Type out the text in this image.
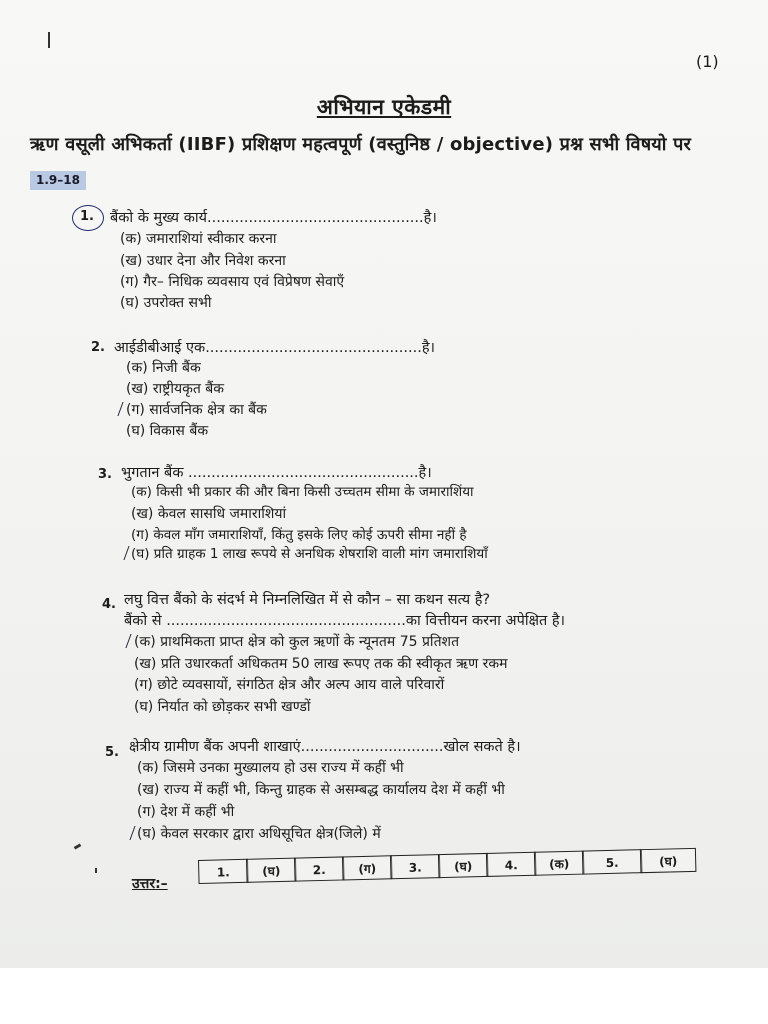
(1)
अभियान एकेडमी
ऋण वसूली अभिकर्ता (IIBF) प्रशिक्षण महत्वपूर्ण (वस्तुनिष्ठ / objective) प्रश्न सभी विषयो पर
1.9–18
1. बैंको के मुख्य कार्य...............................................है।
(क) जमाराशियां स्वीकार करना
(ख) उधार देना और निवेश करना
(ग) गैर– निधिक व्यवसाय एवं विप्रेषण सेवाएँ
(घ) उपरोक्त सभी
2. आईडीबीआई एक...............................................है।
(क) निजी बैंक
(ख) राष्ट्रीयकृत बैंक
(ग) सार्वजनिक क्षेत्र का बैंक
(घ) विकास बैंक
3. भुगतान बैंक ..................................................है।
(क) किसी भी प्रकार की और बिना किसी उच्चतम सीमा के जमाराशिंया
(ख) केवल सासधि जमाराशियां
(ग) केवल माँग जमाराशियाँ, किंतु इसके लिए कोई ऊपरी सीमा नहीं है
(घ) प्रति ग्राहक 1 लाख रूपये से अनधिक शेषराशि वाली मांग जमाराशियाँ
4. लघु वित्त बैंको के संदर्भ मे निम्नलिखित में से कौन – सा कथन सत्य है?
बैंको से ....................................................का वित्तीयन करना अपेक्षित है।
(क) प्राथमिकता प्राप्त क्षेत्र को कुल ऋणों के न्यूनतम 75 प्रतिशत
(ख) प्रति उधारकर्ता अधिकतम 50 लाख रूपए तक की स्वीकृत ऋण रकम
(ग) छोटे व्यवसायों, संगठित क्षेत्र और अल्प आय वाले परिवारों
(घ) निर्यात को छोड़कर सभी खण्डों
5. क्षेत्रीय ग्रामीण बैंक अपनी शाखाएं...............................खोल सकते है।
(क) जिसमे उनका मुख्यालय हो उस राज्य में कहीं भी
(ख) राज्य में कहीं भी, किन्तु ग्राहक से असम्बद्ध कार्यालय देश में कहीं भी
(ग) देश में कहीं भी
(घ) केवल सरकार द्वारा अधिसूचित क्षेत्र(जिले) में
उत्तर:–
1.	(घ)	2.	(ग)	3.	(घ)	4.	(क)	5.	(घ)
